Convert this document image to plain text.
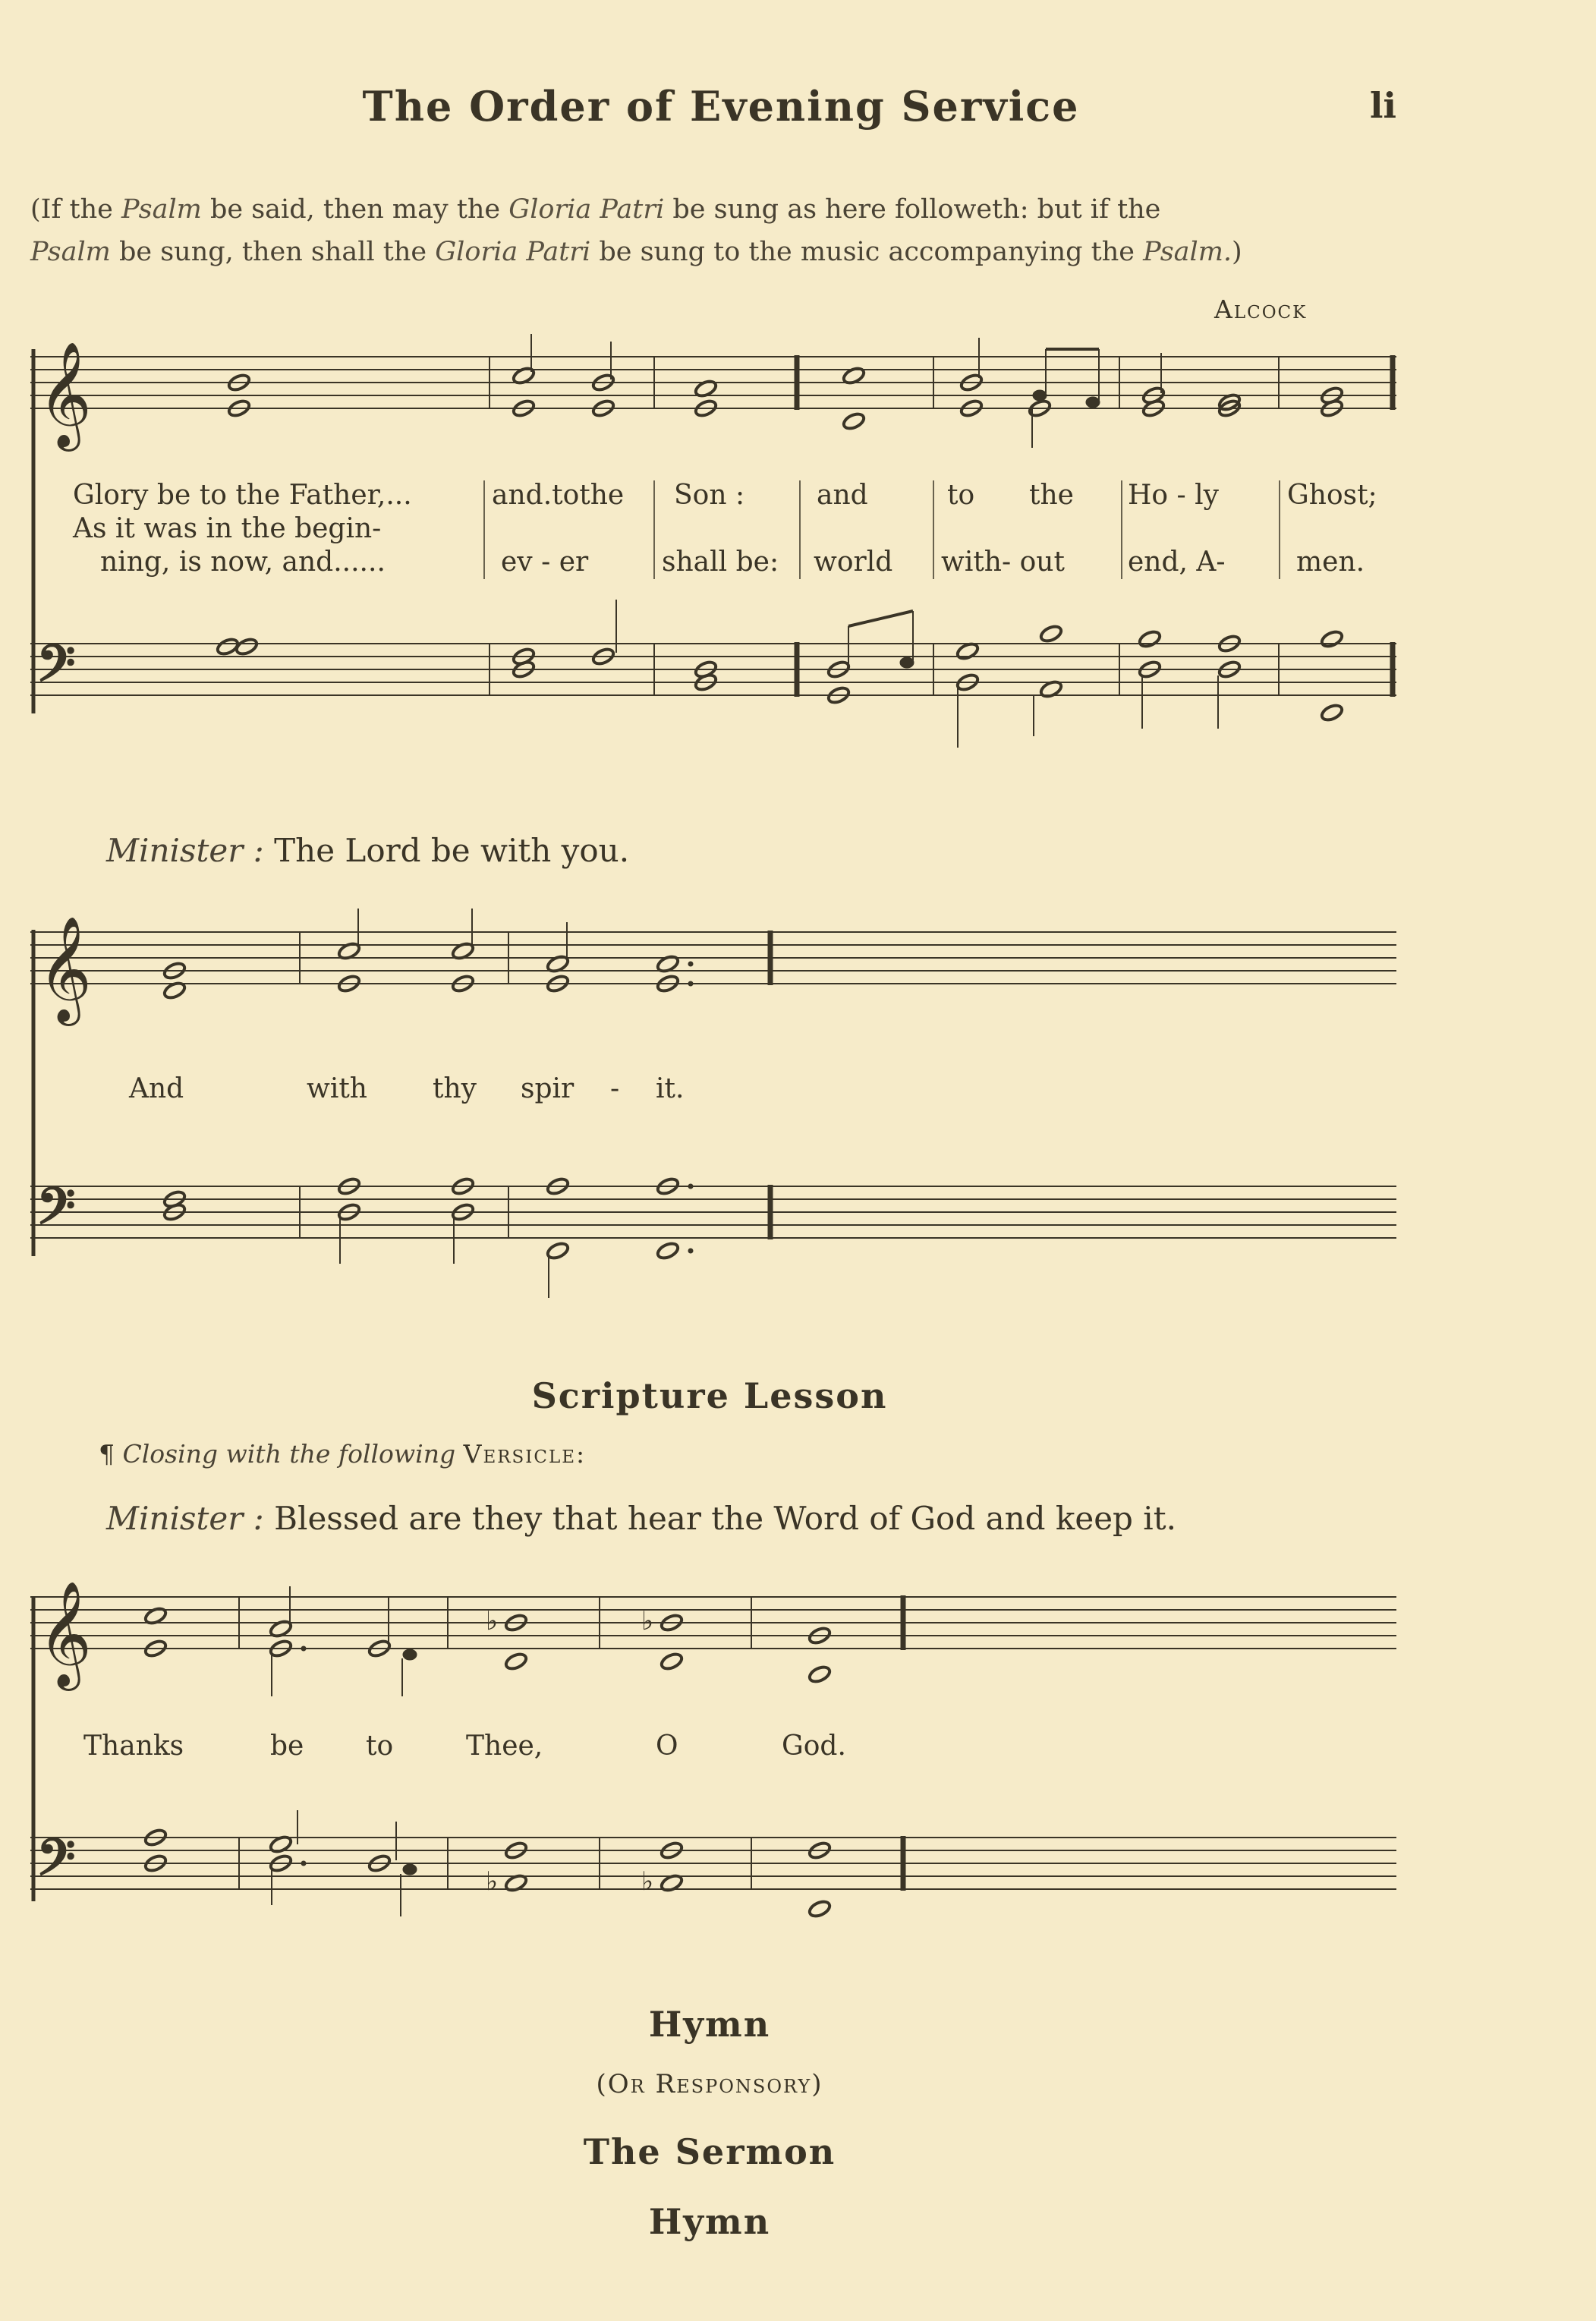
The Order of Evening Service	li
(If the Psalm be said, then may the Gloria Patri be sung as here followeth: but if the
Psalm be sung, then shall the Gloria Patri be sung to the music accompanying the Psalm.)
Alcock
𝄞
𝄢
Glory be to the Father,...	and.tothe Son :	and	to the Ho - ly	Ghost;
As it was in the begin-
ning, is now, and......	ev - er	shall be: world with- out end, A-	men.
Minister : The Lord be with you.
𝄞
𝄢
And	with thy spir - it.
Scripture Lesson
¶ Closing with the following Versicle:
Minister : Blessed are they that hear the Word of God and keep it.
𝄞
𝄢
♭	♭
♭	♭
Thanks	be to	Thee,	O	God.
Hymn
(Or Responsory)
The Sermon
Hymn
